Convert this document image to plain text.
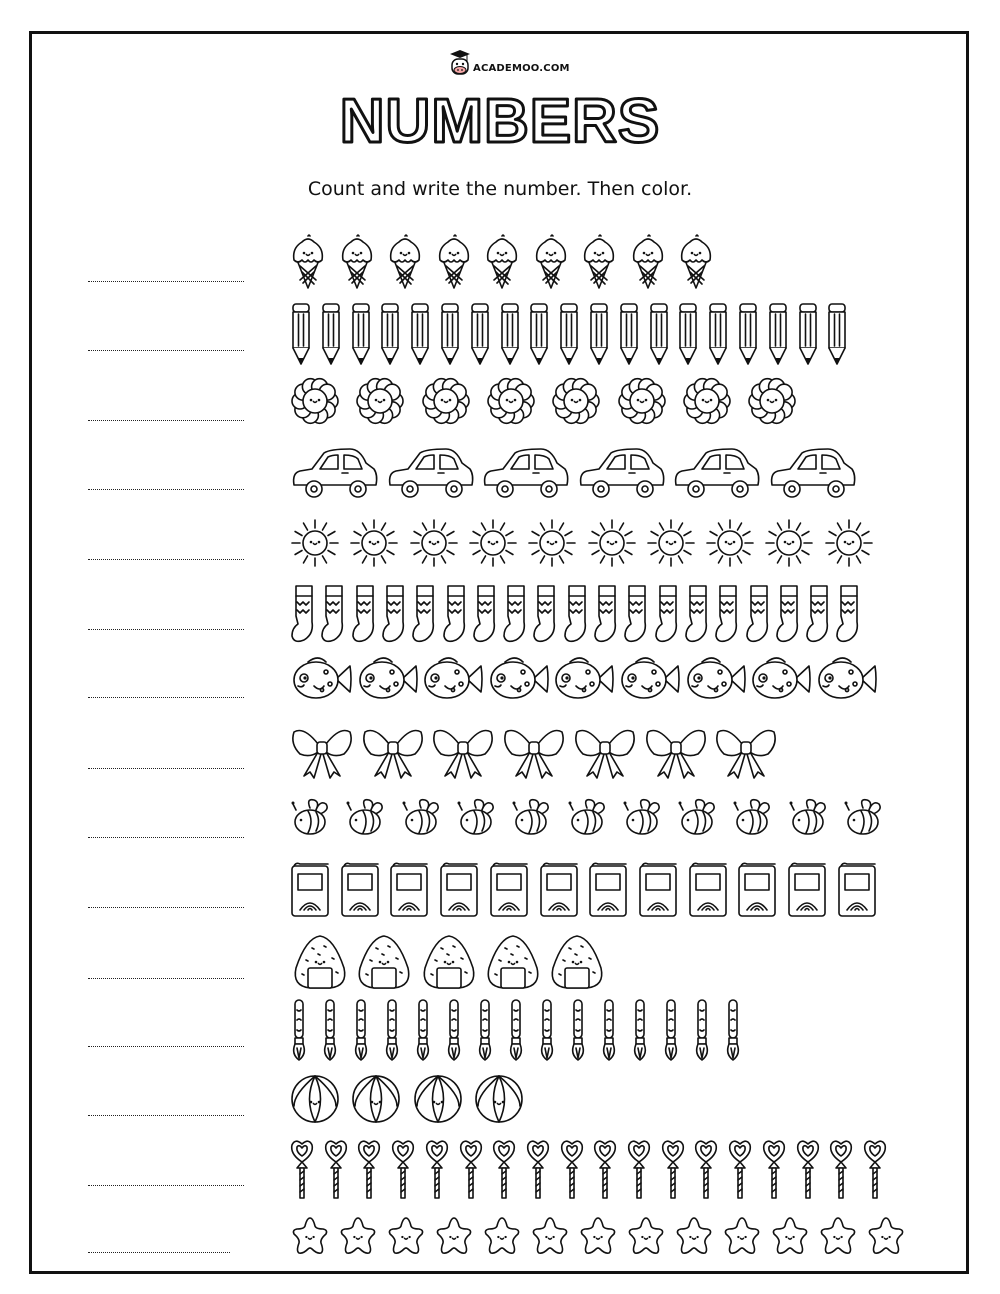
ACADEMOO.COM
NUMBERS
Count and write the number. Then color.
